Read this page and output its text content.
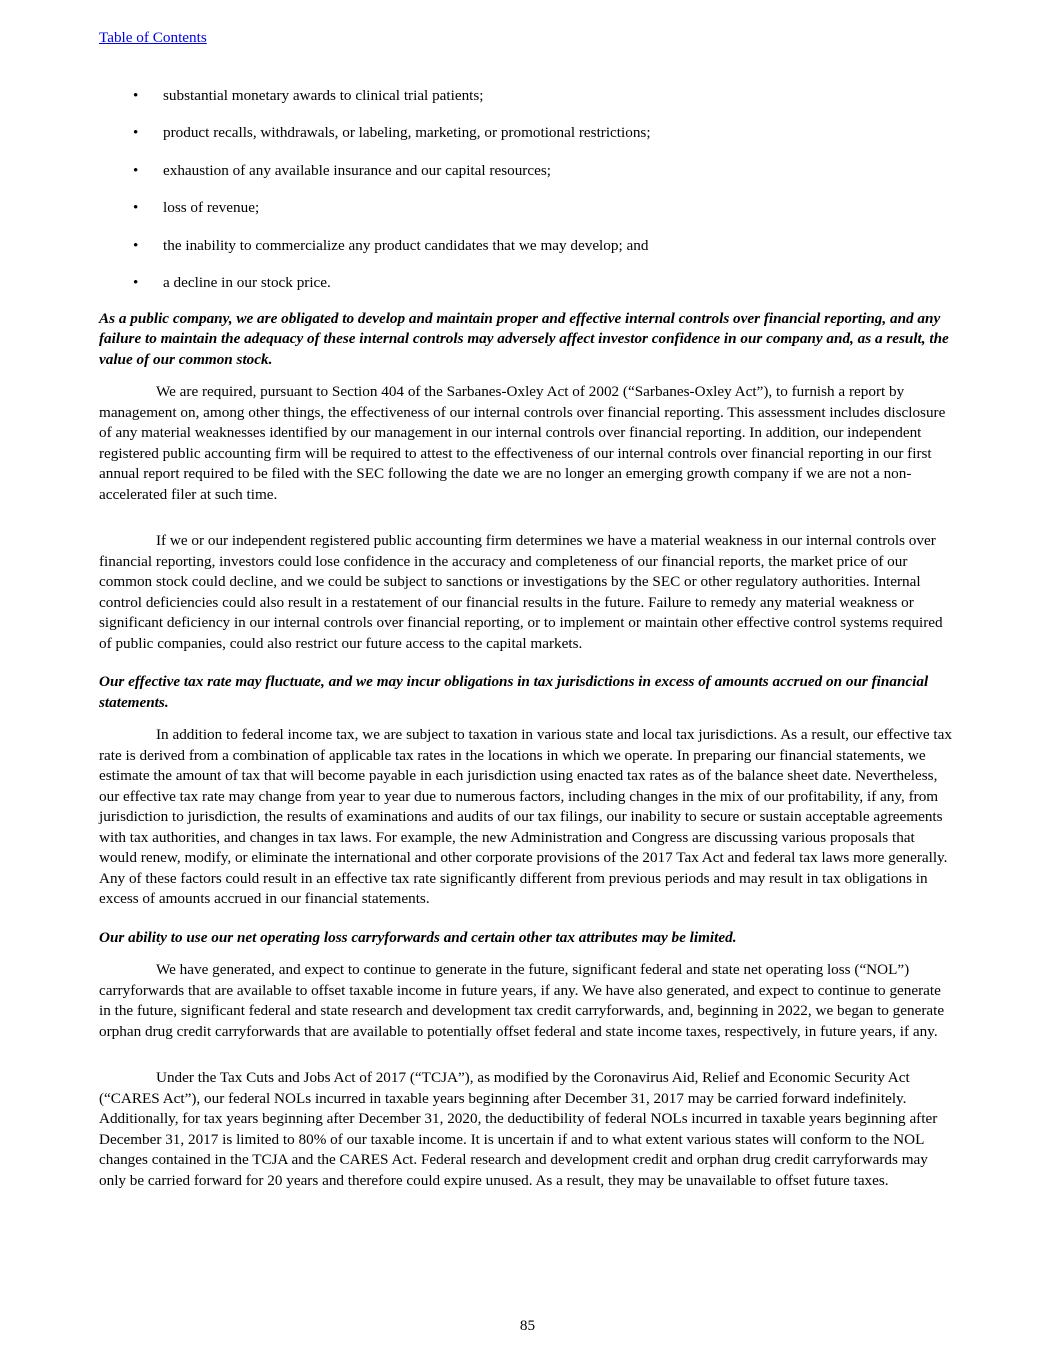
Table of Contents
• substantial monetary awards to clinical trial patients;
• product recalls, withdrawals, or labeling, marketing, or promotional restrictions;
• exhaustion of any available insurance and our capital resources;
• loss of revenue;
• the inability to commercialize any product candidates that we may develop; and
• a decline in our stock price.

As a public company, we are obligated to develop and maintain proper and effective internal controls over financial reporting, and any failure to maintain the adequacy of these internal controls may adversely affect investor confidence in our company and, as a result, the value of our common stock.

We are required, pursuant to Section 404 of the Sarbanes-Oxley Act of 2002 (“Sarbanes-Oxley Act”), to furnish a report by management on, among other things, the effectiveness of our internal controls over financial reporting. This assessment includes disclosure of any material weaknesses identified by our management in our internal controls over financial reporting. In addition, our independent registered public accounting firm will be required to attest to the effectiveness of our internal controls over financial reporting in our first annual report required to be filed with the SEC following the date we are no longer an emerging growth company if we are not a non-accelerated filer at such time.

If we or our independent registered public accounting firm determines we have a material weakness in our internal controls over financial reporting, investors could lose confidence in the accuracy and completeness of our financial reports, the market price of our common stock could decline, and we could be subject to sanctions or investigations by the SEC or other regulatory authorities. Internal control deficiencies could also result in a restatement of our financial results in the future. Failure to remedy any material weakness or significant deficiency in our internal controls over financial reporting, or to implement or maintain other effective control systems required of public companies, could also restrict our future access to the capital markets.

Our effective tax rate may fluctuate, and we may incur obligations in tax jurisdictions in excess of amounts accrued on our financial statements.

In addition to federal income tax, we are subject to taxation in various state and local tax jurisdictions. As a result, our effective tax rate is derived from a combination of applicable tax rates in the locations in which we operate. In preparing our financial statements, we estimate the amount of tax that will become payable in each jurisdiction using enacted tax rates as of the balance sheet date. Nevertheless, our effective tax rate may change from year to year due to numerous factors, including changes in the mix of our profitability, if any, from jurisdiction to jurisdiction, the results of examinations and audits of our tax filings, our inability to secure or sustain acceptable agreements with tax authorities, and changes in tax laws. For example, the new Administration and Congress are discussing various proposals that would renew, modify, or eliminate the international and other corporate provisions of the 2017 Tax Act and federal tax laws more generally. Any of these factors could result in an effective tax rate significantly different from previous periods and may result in tax obligations in excess of amounts accrued in our financial statements.

Our ability to use our net operating loss carryforwards and certain other tax attributes may be limited.

We have generated, and expect to continue to generate in the future, significant federal and state net operating loss (“NOL”) carryforwards that are available to offset taxable income in future years, if any. We have also generated, and expect to continue to generate in the future, significant federal and state research and development tax credit carryforwards, and, beginning in 2022, we began to generate orphan drug credit carryforwards that are available to potentially offset federal and state income taxes, respectively, in future years, if any.

Under the Tax Cuts and Jobs Act of 2017 (“TCJA”), as modified by the Coronavirus Aid, Relief and Economic Security Act (“CARES Act”), our federal NOLs incurred in taxable years beginning after December 31, 2017 may be carried forward indefinitely. Additionally, for tax years beginning after December 31, 2020, the deductibility of federal NOLs incurred in taxable years beginning after December 31, 2017 is limited to 80% of our taxable income. It is uncertain if and to what extent various states will conform to the NOL changes contained in the TCJA and the CARES Act. Federal research and development credit and orphan drug credit carryforwards may only be carried forward for 20 years and therefore could expire unused. As a result, they may be unavailable to offset future taxes.

85
